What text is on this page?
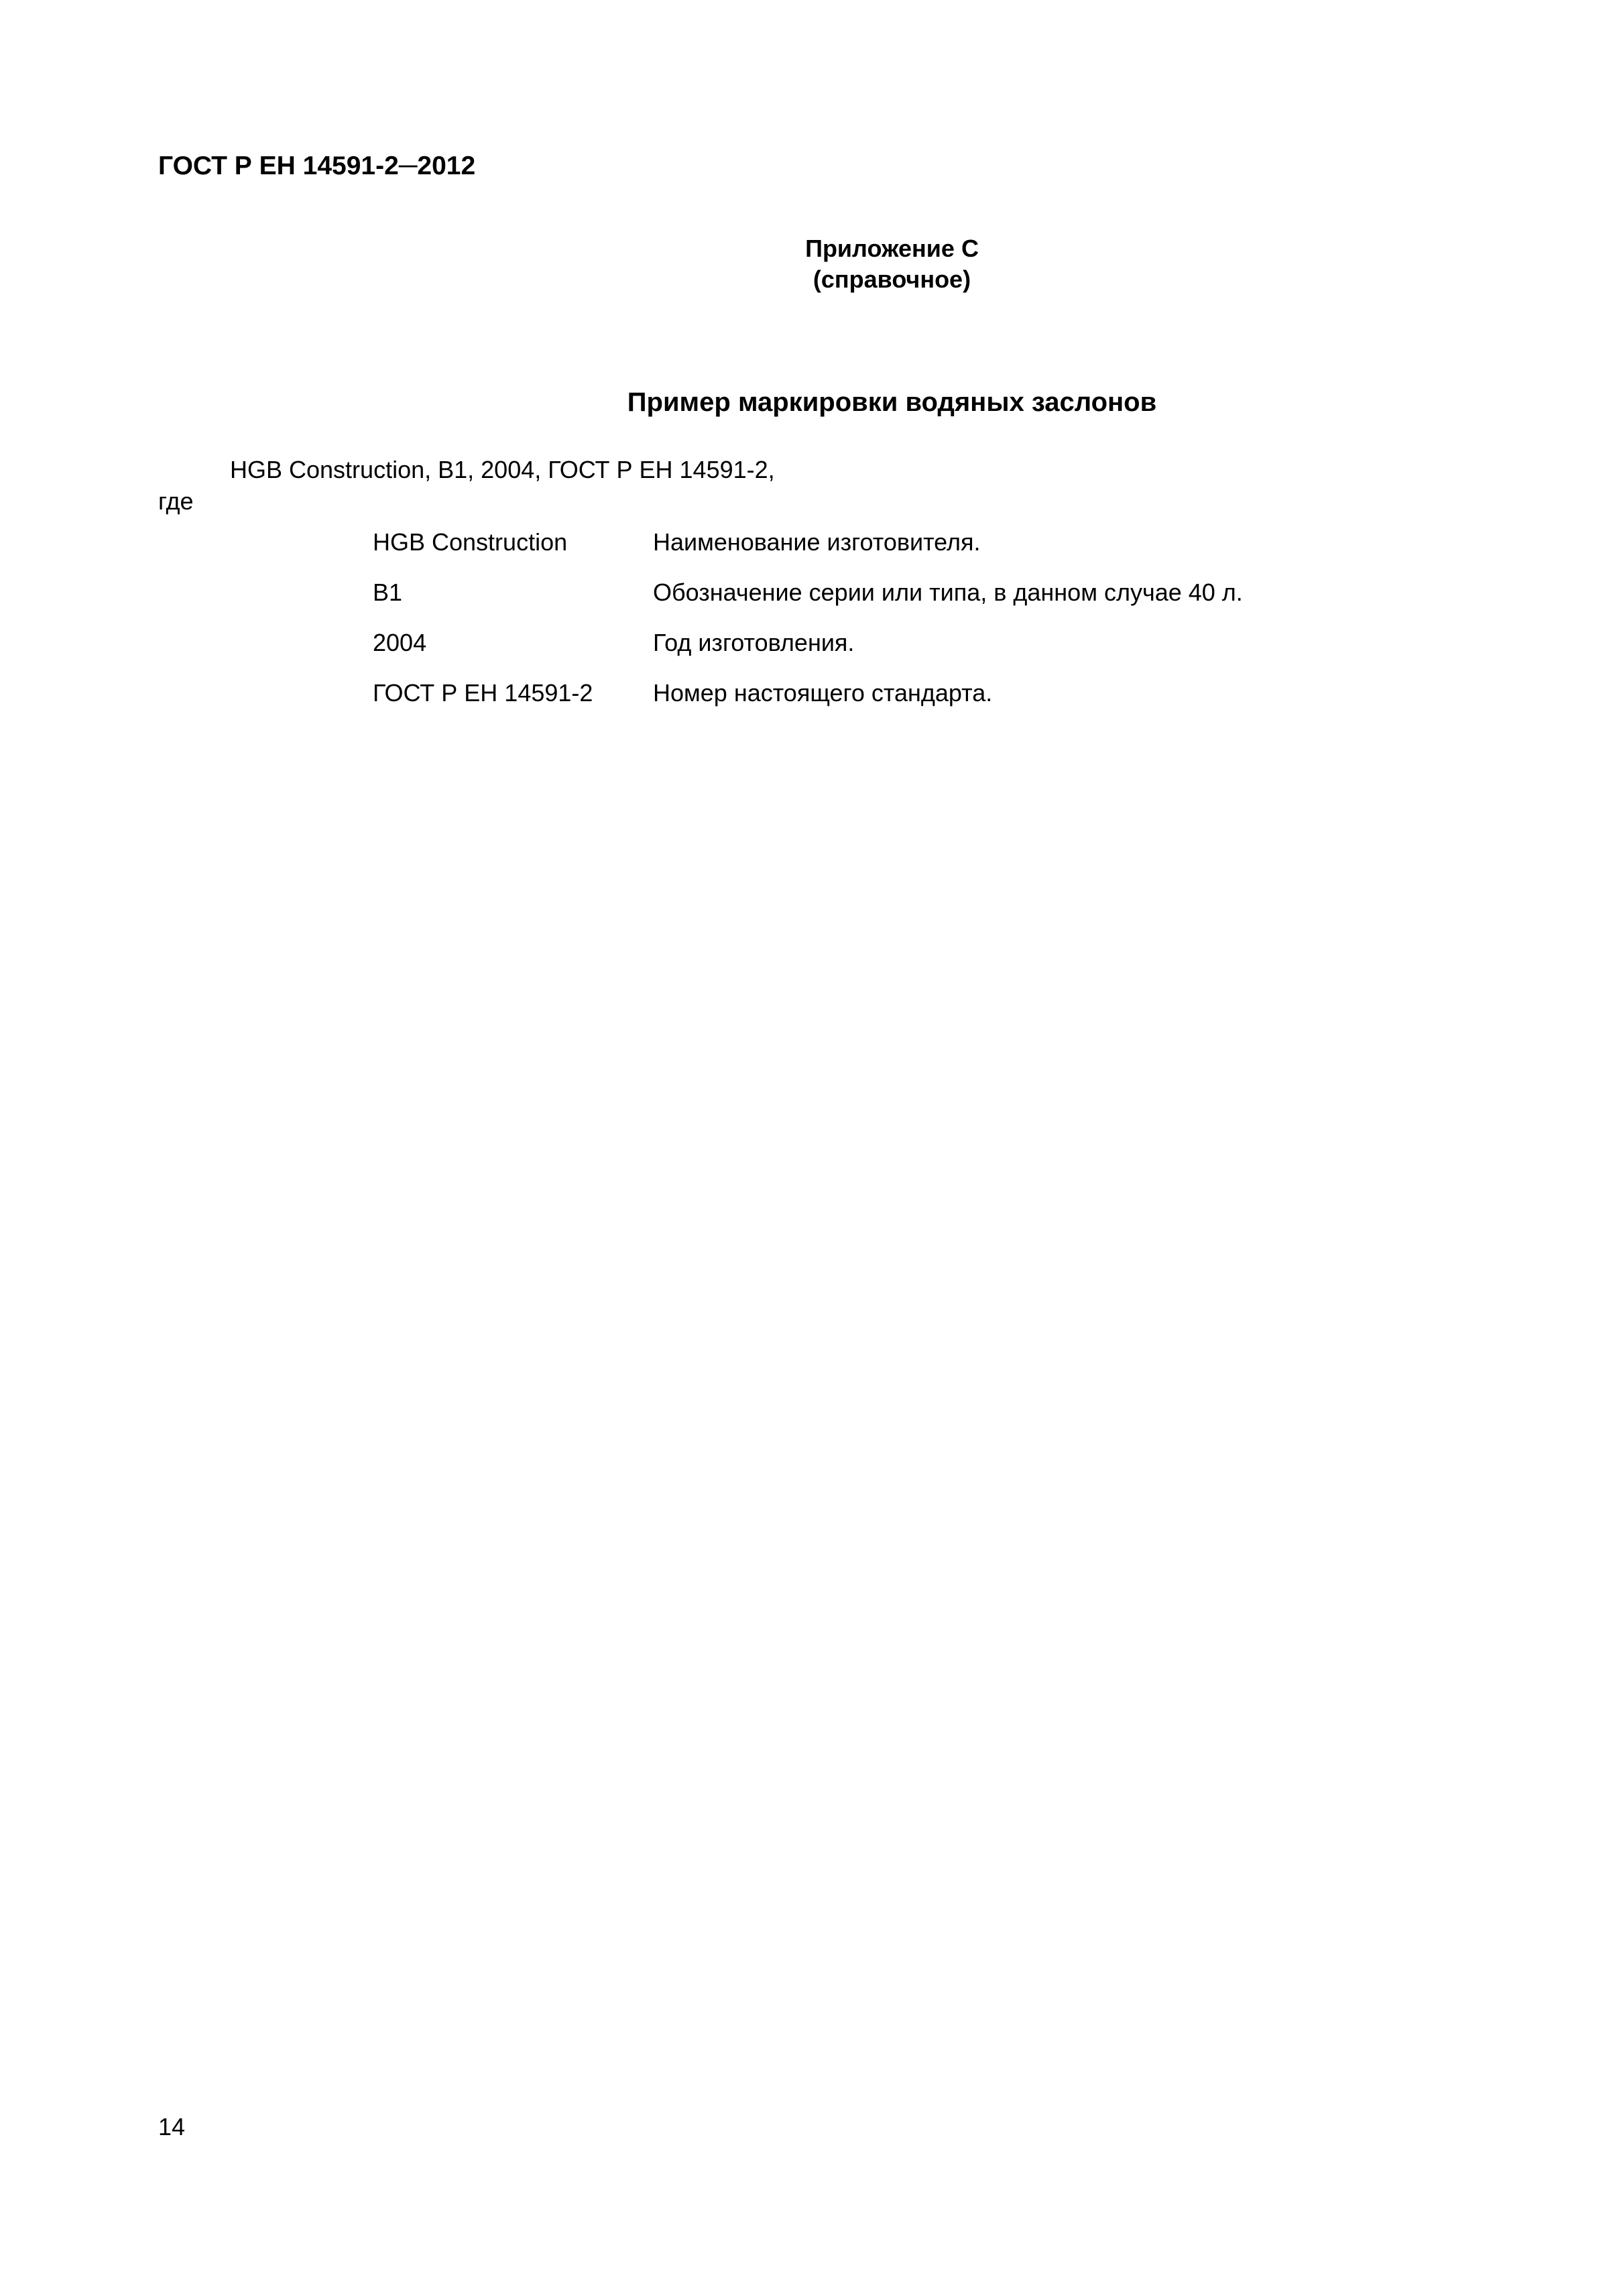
ГОСТ Р ЕН 14591-2─2012
Приложение С
(справочное)
Пример маркировки водяных заслонов
HGB Construction, B1, 2004, ГОСТ Р ЕН 14591-2,
где
HGB Construction	Наименование изготовителя.
B1	Обозначение серии или типа, в данном случае 40 л.
2004	Год изготовления.
ГОСТ Р ЕН 14591-2	Номер настоящего стандарта.
14
